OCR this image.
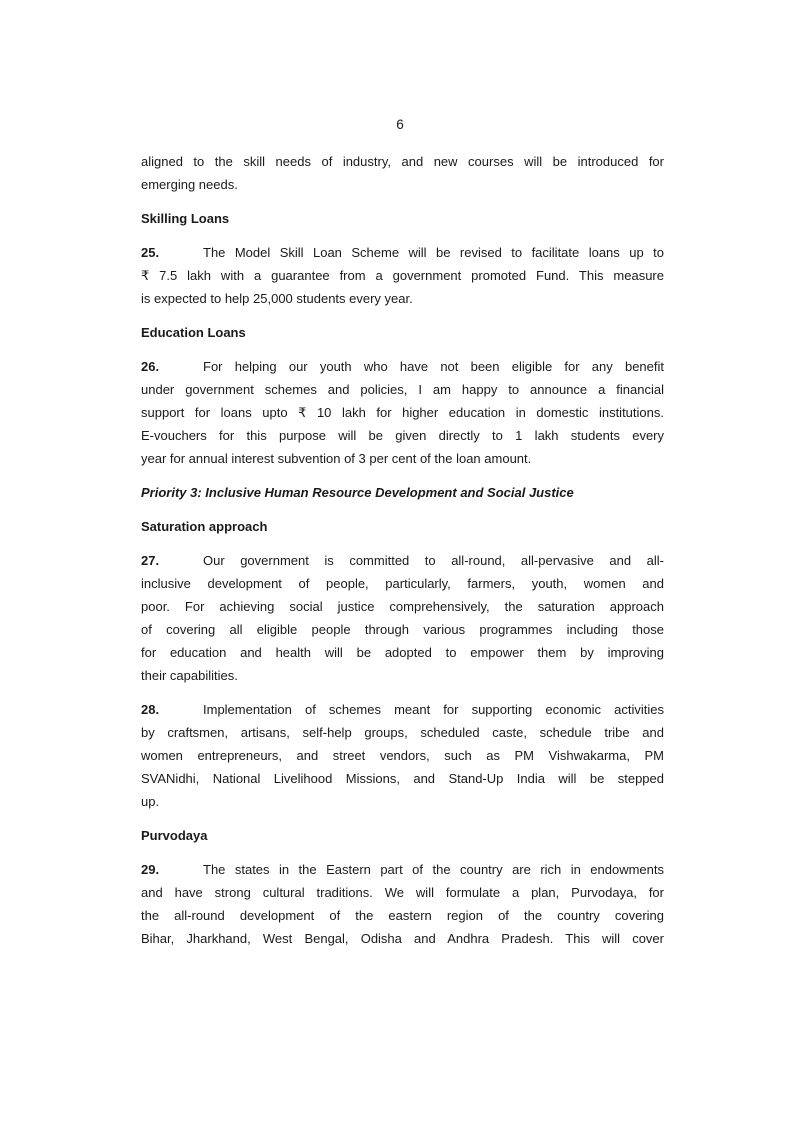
6
aligned to the skill needs of industry, and new courses will be introduced for
emerging needs.
Skilling Loans
25.	The Model Skill Loan Scheme will be revised to facilitate loans up to
₹ 7.5 lakh with a guarantee from a government promoted Fund. This measure
is expected to help 25,000 students every year.
Education Loans
26.	For helping our youth who have not been eligible for any benefit
under government schemes and policies, I am happy to announce a financial
support for loans upto ₹ 10 lakh for higher education in domestic institutions.
E-vouchers for this purpose will be given directly to 1 lakh students every
year for annual interest subvention of 3 per cent of the loan amount.
Priority 3: Inclusive Human Resource Development and Social Justice
Saturation approach
27.	Our government is committed to all-round, all-pervasive and all-
inclusive development of people, particularly, farmers, youth, women and
poor. For achieving social justice comprehensively, the saturation approach
of covering all eligible people through various programmes including those
for education and health will be adopted to empower them by improving
their capabilities.
28.	Implementation of schemes meant for supporting economic activities
by craftsmen, artisans, self-help groups, scheduled caste, schedule tribe and
women entrepreneurs, and street vendors, such as PM Vishwakarma, PM
SVANidhi, National Livelihood Missions, and Stand-Up India will be stepped
up.
Purvodaya
29.	The states in the Eastern part of the country are rich in endowments
and have strong cultural traditions. We will formulate a plan, Purvodaya, for
the all-round development of the eastern region of the country covering
Bihar, Jharkhand, West Bengal, Odisha and Andhra Pradesh. This will cover
